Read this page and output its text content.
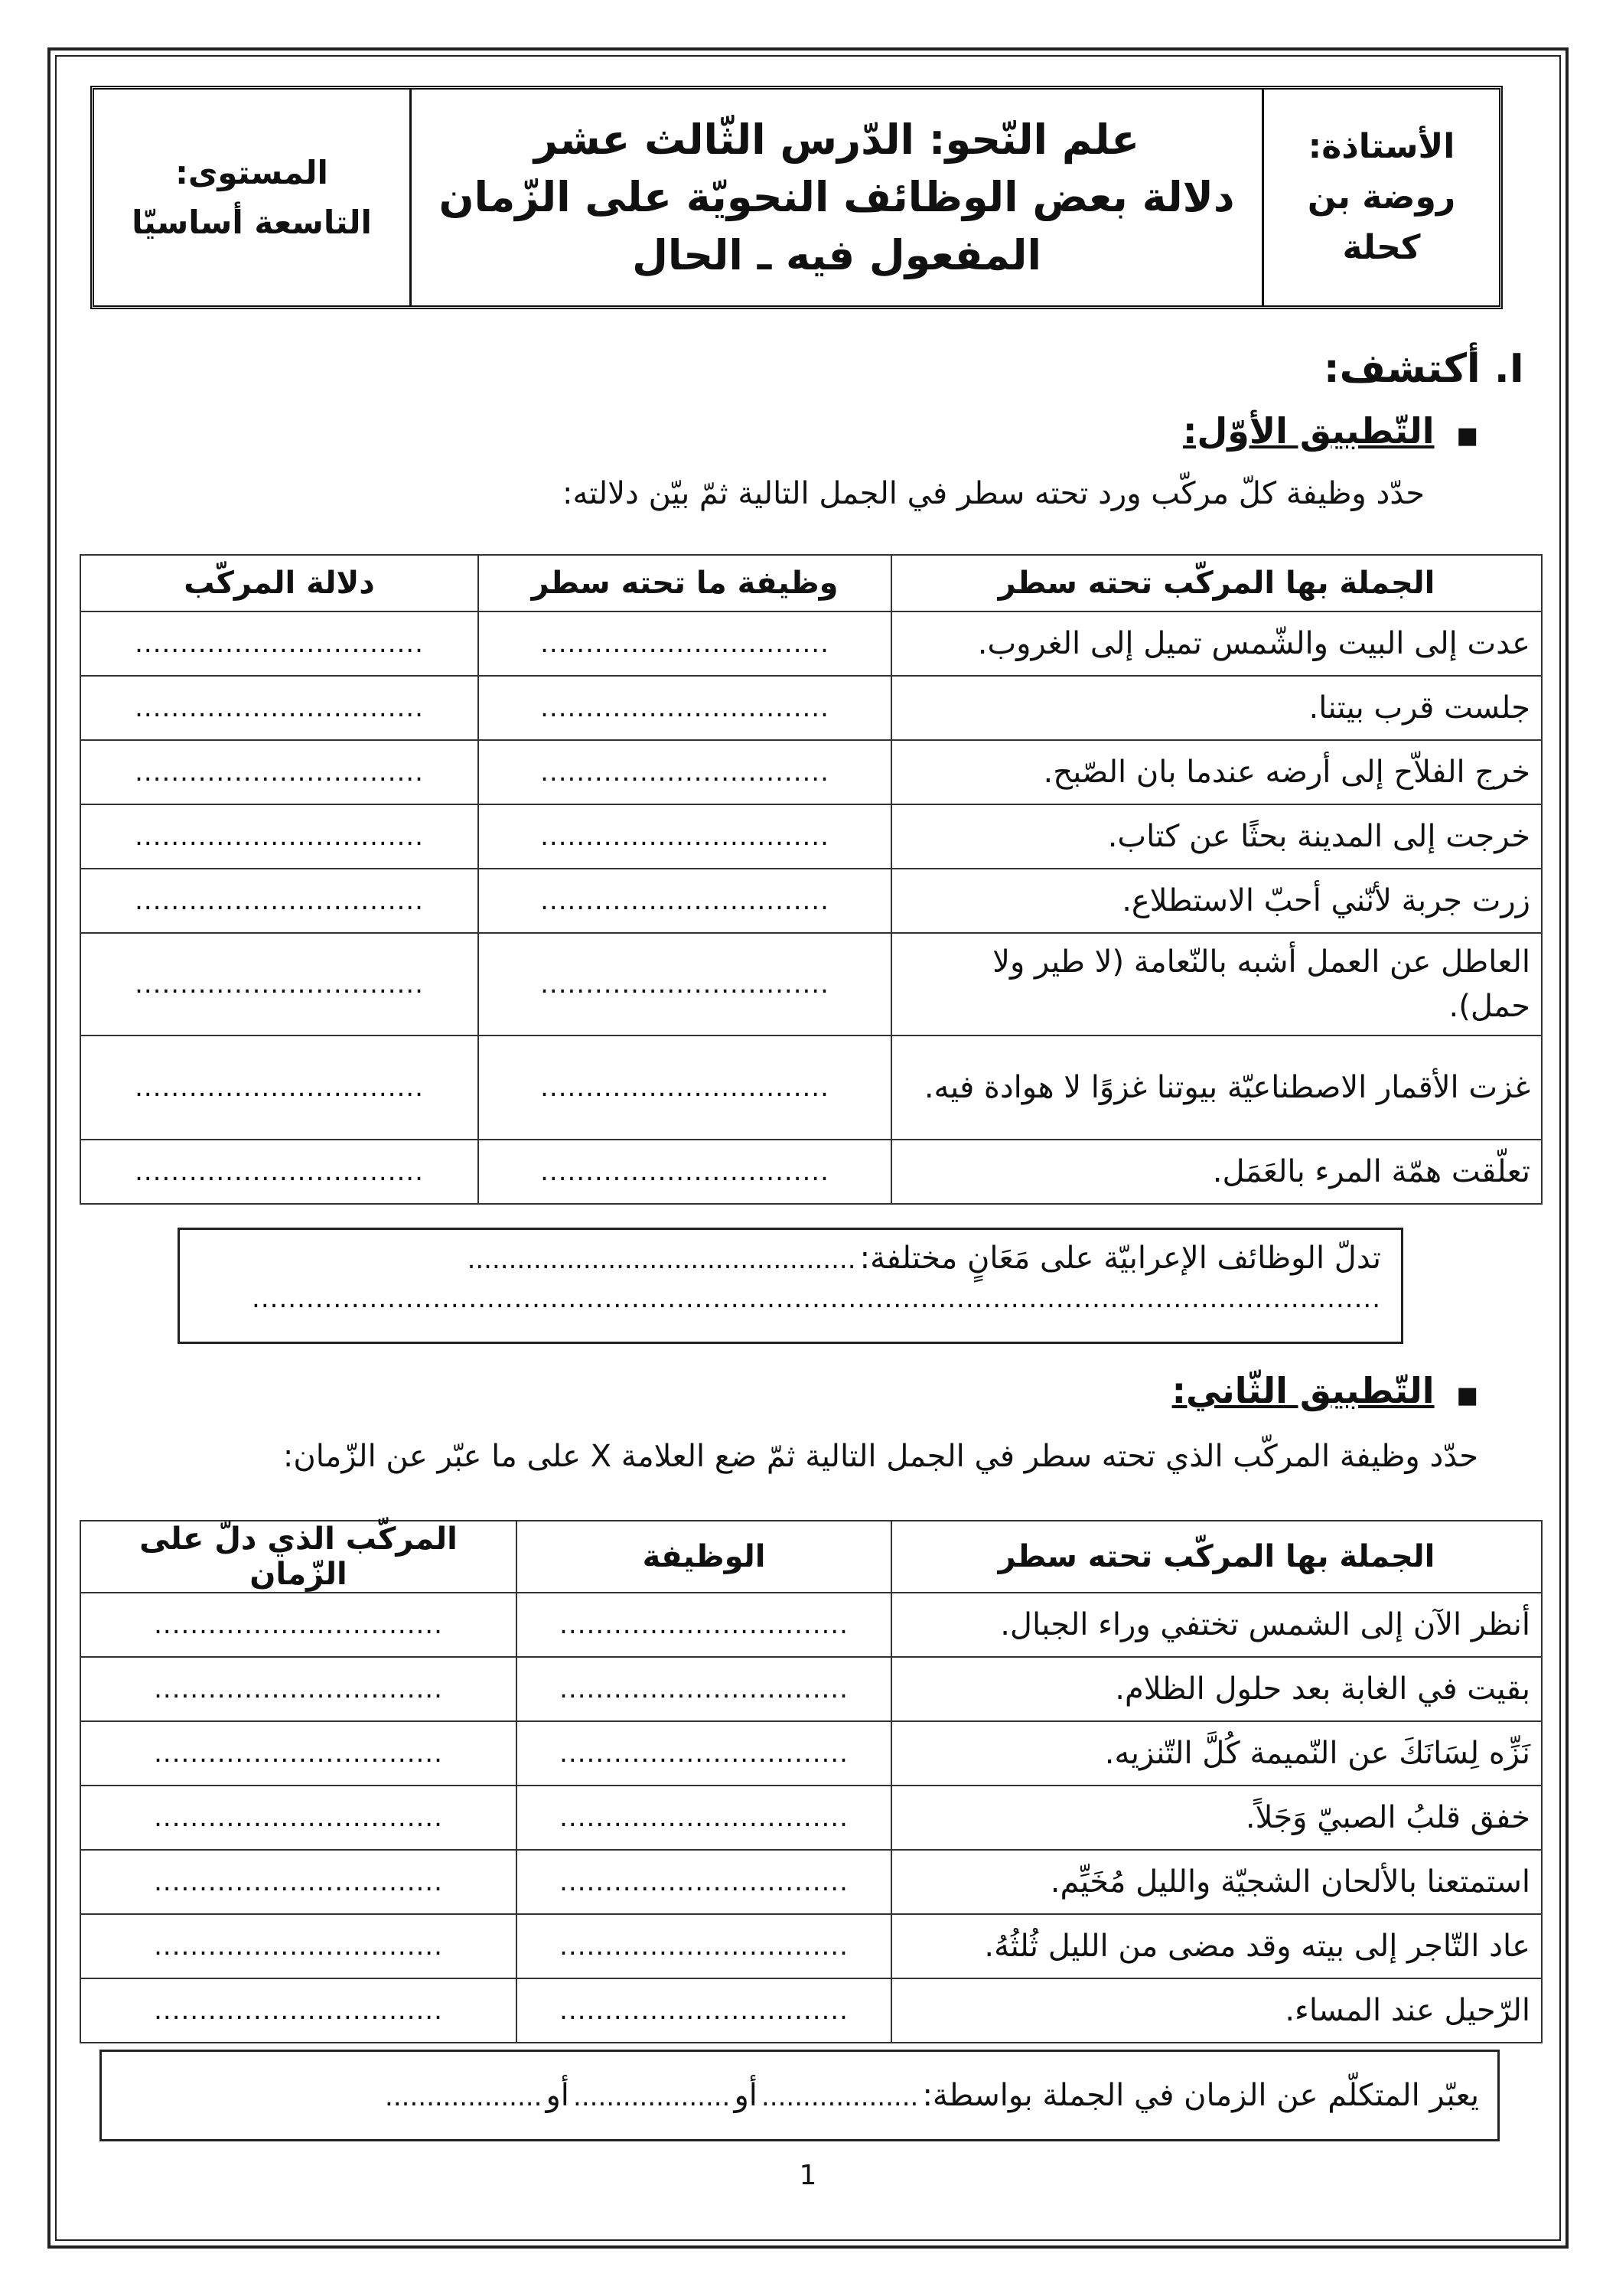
الأستاذة:
روضة بن كحلة
علم النّحو: الدّرس الثّالث عشر
دلالة بعض الوظائف النحويّة على الزّمان
المفعول فيه ـ الحال
المستوى:
التاسعة أساسيّا
I. أكتشف:
■ التّطبيق الأوّل:
حدّد وظيفة كلّ مركّب ورد تحته سطر في الجمل التالية ثمّ بيّن دلالته:
الجملة بها المركّب تحته سطر	وظيفة ما تحته سطر	دلالة المركّب
عدت إلى البيت والشّمس تميل إلى الغروب.	................................	................................
جلست قرب بيتنا.	................................	................................
خرج الفلاّح إلى أرضه عندما بان الصّبح.	................................	................................
خرجت إلى المدينة بحثًا عن كتاب.	................................	................................
زرت جربة لأنّني أحبّ الاستطلاع.	................................	................................
العاطل عن العمل أشبه بالنّعامة (لا طير ولا حمل).	................................	................................
غزت الأقمار الاصطناعيّة بيوتنا غزوًا لا هوادة فيه.	................................	................................
تعلّقت همّة المرء بالعَمَل.	................................	................................
تدلّ الوظائف الإعرابيّة على مَعَانٍ مختلفة: ...............................................
.............................................................................................................................
■ التّطبيق الثّاني:
حدّد وظيفة المركّب الذي تحته سطر في الجمل التالية ثمّ ضع العلامة X على ما عبّر عن الزّمان:
الجملة بها المركّب تحته سطر	الوظيفة	المركّب الذي دلّ على الزّمان
أنظر الآن إلى الشمس تختفي وراء الجبال.	................................	................................
بقيت في الغابة بعد حلول الظلام.	................................	................................
نَزِّه لِسَانَكَ عن النّميمة كُلَّ التّنزيه.	................................	................................
خفق قلبُ الصبيّ وَجَلاً.	................................	................................
استمتعنا بالألحان الشجيّة والليل مُخَيِّم.	................................	................................
عاد التّاجر إلى بيته وقد مضى من الليل ثُلثُهُ.	................................	................................
الرّحيل عند المساء.	................................	................................
يعبّر المتكلّم عن الزمان في الجملة بواسطة: ................... أو ................... أو ...................
1
